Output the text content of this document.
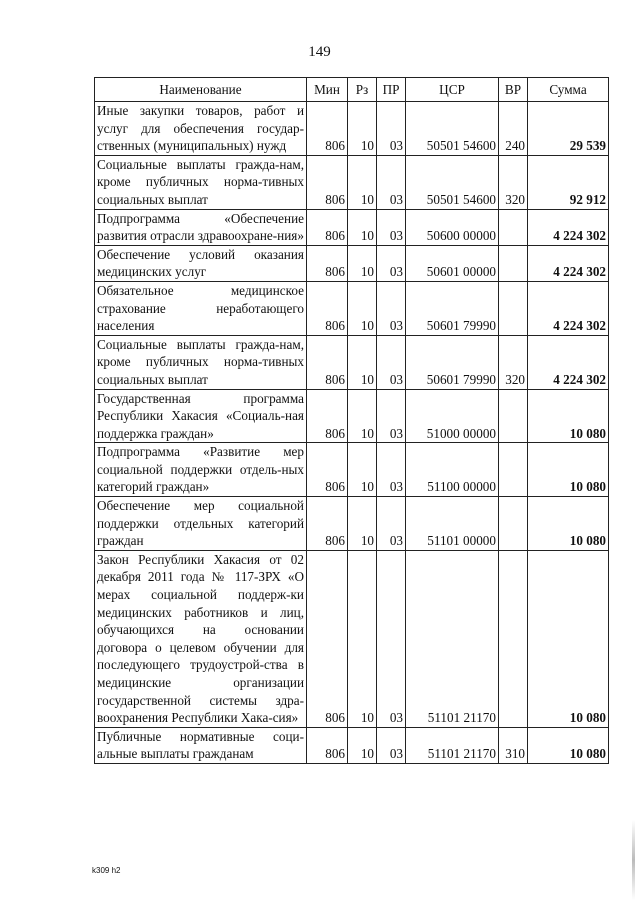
149
Наименование	Мин	Рз	ПР	ЦСР	ВР	Сумма
Иные закупки товаров, работ и услуг для обеспечения государ-ственных (муниципальных) нужд	806	10	03	50501 54600	240	29 539
Социальные выплаты гражда-нам, кроме публичных норма-тивных социальных выплат	806	10	03	50501 54600	320	92 912
Подпрограмма «Обеспечение развития отрасли здравоохране-ния»	806	10	03	50600 00000		4 224 302
Обеспечение условий оказания медицинских услуг	806	10	03	50601 00000		4 224 302
Обязательное медицинское страхование неработающего населения	806	10	03	50601 79990		4 224 302
Социальные выплаты гражда-нам, кроме публичных норма-тивных социальных выплат	806	10	03	50601 79990	320	4 224 302
Государственная программа Республики Хакасия «Социаль-ная поддержка граждан»	806	10	03	51000 00000		10 080
Подпрограмма «Развитие мер социальной поддержки отдель-ных категорий граждан»	806	10	03	51100 00000		10 080
Обеспечение мер социальной поддержки отдельных категорий граждан	806	10	03	51101 00000		10 080
Закон Республики Хакасия от 02 декабря 2011 года № 117-ЗРХ «О мерах социальной поддерж-ки медицинских работников и лиц, обучающихся на основании договора о целевом обучении для последующего трудоустрой-ства в медицинские организации государственной системы здра-воохранения Республики Хака-сия»	806	10	03	51101 21170		10 080
Публичные нормативные соци-альные выплаты гражданам	806	10	03	51101 21170	310	10 080
k309 h2
